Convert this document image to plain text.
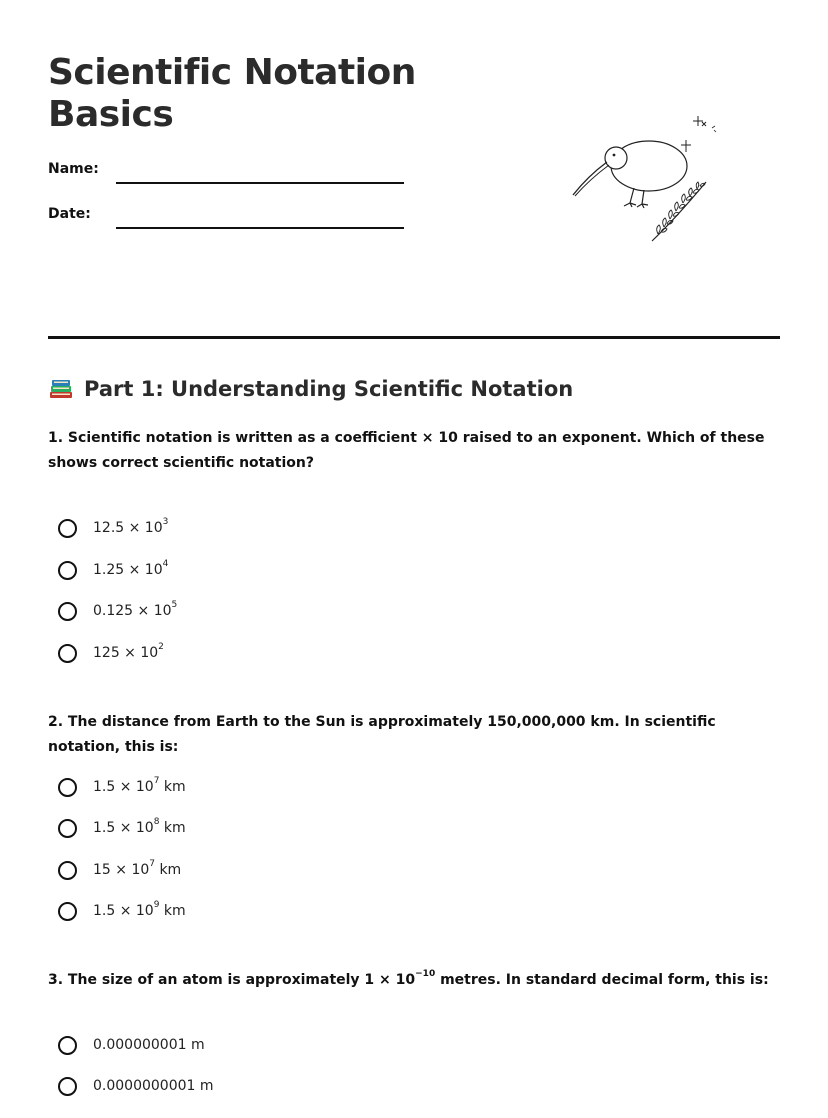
Scientific Notation Basics
Name:
Date:
Part 1: Understanding Scientific Notation
1. Scientific notation is written as a coefficient × 10 raised to an exponent. Which of these shows correct scientific notation?
$12.5 \times 10^3$
$1.25 \times 10^4$
$0.125 \times 10^5$
$125 \times 10^2$
2. The distance from Earth to the Sun is approximately 150,000,000 km. In scientific notation, this is:
$1.5 \times 10^7$ km
$1.5 \times 10^8$ km
$15 \times 10^7$ km
$1.5 \times 10^9$ km
3. The size of an atom is approximately $1 \times 10^{-10}$ metres. In standard decimal form, this is:
0.000000001 m
0.0000000001 m
